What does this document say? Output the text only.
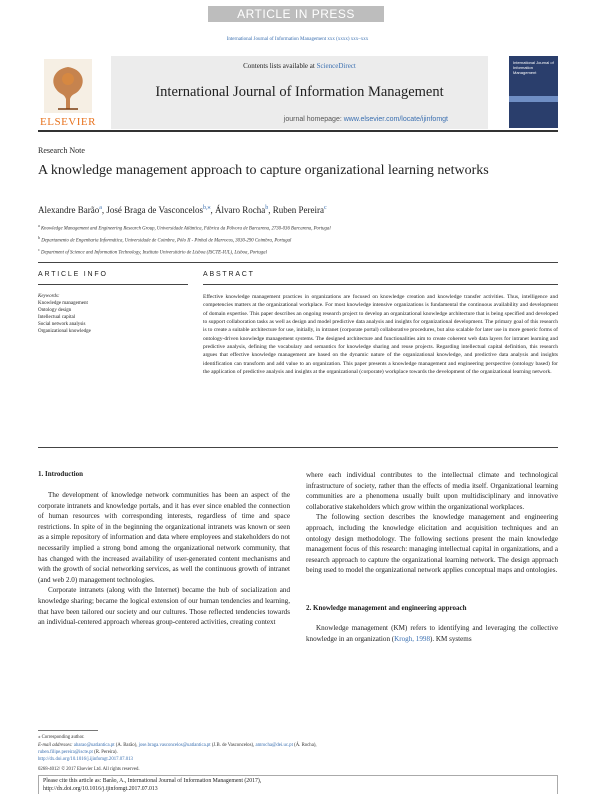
ARTICLE IN PRESS
International Journal of Information Management xxx (xxxx) xxx–xxx
ELSEVIER
Contents lists available at ScienceDirect
International Journal of Information Management
journal homepage: www.elsevier.com/locate/ijinfomgt
International Journal of Information Management
Research Note
A knowledge management approach to capture organizational learning networks
Alexandre Barão$^a$, José Braga de Vasconcelos$^{b,⁎}$, Álvaro Rocha$^b$, Ruben Pereira$^c$
$^a$ Knowledge Management and Engineering Research Group, Universidade Atlântica, Fábrica da Pólvora de Barcarena, 2730-036 Barcarena, Portugal
$^b$ Departamento de Engenharia Informática, Universidade de Coimbra, Pólo II - Pinhal de Marrocos, 3030-290 Coimbra, Portugal
$^c$ Department of Science and Information Technology, Instituto Universitário de Lisboa (ISCTE-IUL), Lisboa, Portugal
ARTICLE INFO
Keywords:
Knowledge management
Ontology design
Intellectual capital
Social network analysis
Organizational knowledge
ABSTRACT
Effective knowledge management practices in organizations are focused on knowledge creation and knowledge transfer activities. Thus, intelligence and competencies matters at the organizational workplace. For most knowledge intensive organizations is fundamental the continuous availability and development of domain expertise. This paper describes an ongoing research project to develop an organizational knowledge architecture that is being specified and developed to support collaboration tasks as well as design and model predictive data analysis and insights for organizational development. The primary goal of this research is to create a suitable architecture for use, initially, in intranet (corporate portal) collaborative procedures, but also scalable for later use in more generic forms of ontology-driven knowledge management systems. The designed architecture and functionalities aim to create coherent web data layers for intranet learning and predictive analysis, defining the vocabulary and semantics for knowledge sharing and reuse projects. Regarding intellectual capital definition, this research argues that effective knowledge management are based on the dynamic nature of the organizational knowledge, and predictive data analysis and insights identification can transform and add value to an organization. This paper presents a knowledge management and engineering perspective (ontology based) for the application of predictive analysis and insights at the organizational (corporate) workplace towards the development of the organizational learning network.
1. Introduction

The development of knowledge network communities has been an aspect of the corporate intranets and knowledge portals, and it has ever since enabled the connection of human resources with corresponding interests, regardless of time and space restrictions. In spite of in the beginning the organizational intranets was known or seen as a simple repository of information and data where employees and stakeholders do not necessarily implied a strong bond among the organizational network community, that has changed with the increased availability of user-generated content mechanisms and with the growth of social networking services, as well the continuous growth of intranet (and web 2.0) management technologies.

Corporate intranets (along with the Internet) became the hub of socialization and knowledge sharing; became the logical extension of our human tendencies and learning, that have been tailored our society and our cultures. Those reflected tendencies towards an individual-centered approach whereas group-centered activities, creating context

where each individual contributes to the intellectual climate and technological infrastructure of society, rather than the effects of media itself. Organizational learning communities are a phenomena usually built upon multidisciplinary and innovative collaborative stakeholders which grow within the organizational workplaces.

The following section describes the knowledge management and engineering approach, including the knowledge elicitation and acquisition techniques and an ontology design methodology. The following sections present the main knowledge management focus of this research: managing intellectual capital in organizations, and a research approach to capture the organizational learning network. The design approach being used to model the organizational network applies conceptual maps and ontologies.

2. Knowledge management and engineering approach

Knowledge management (KM) refers to identifying and leveraging the collective knowledge in an organization (Krogh, 1998). KM systems

⁎ Corresponding author.
E-mail addresses: abarao@uatlantica.pt (A. Barão), jose.braga.vasconcelos@uatlantica.pt (J.B. de Vasconcelos), amrocha@dei.uc.pt (Á. Rocha),
ruben.filipe.pereira@iscte.pt (R. Pereira).
http://dx.doi.org/10.1016/j.ijinfomgt.2017.07.013
0268-4012/ © 2017 Elsevier Ltd. All rights reserved.
Please cite this article as: Barão, A., International Journal of Information Management (2017),
http://dx.doi.org/10.1016/j.ijinfomgt.2017.07.013
